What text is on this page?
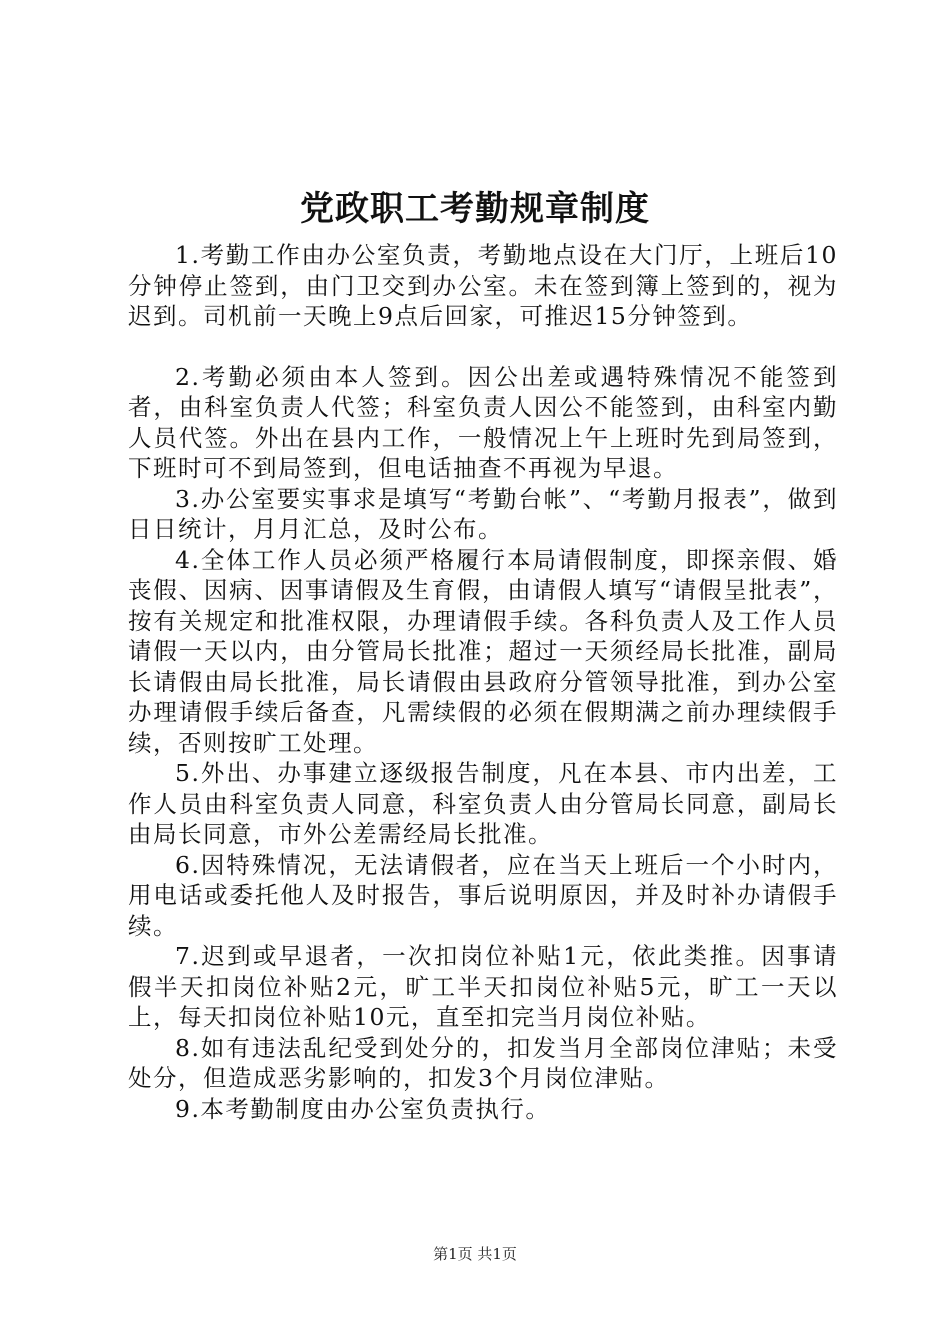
党政职工考勤规章制度

1.考勤工作由办公室负责，考勤地点设在大门厅，上班后10分钟停止签到，由门卫交到办公室。未在签到簿上签到的，视为迟到。司机前一天晚上9点后回家，可推迟15分钟签到。

2.考勤必须由本人签到。因公出差或遇特殊情况不能签到者，由科室负责人代签；科室负责人因公不能签到，由科室内勤人员代签。外出在县内工作，一般情况上午上班时先到局签到，下班时可不到局签到，但电话抽查不再视为早退。

3.办公室要实事求是填写“考勤台帐”、“考勤月报表”，做到日日统计，月月汇总，及时公布。

4.全体工作人员必须严格履行本局请假制度，即探亲假、婚丧假、因病、因事请假及生育假，由请假人填写“请假呈批表”，按有关规定和批准权限，办理请假手续。各科负责人及工作人员请假一天以内，由分管局长批准；超过一天须经局长批准，副局长请假由局长批准，局长请假由县政府分管领导批准，到办公室办理请假手续后备查，凡需续假的必须在假期满之前办理续假手续，否则按旷工处理。

5.外出、办事建立逐级报告制度，凡在本县、市内出差，工作人员由科室负责人同意，科室负责人由分管局长同意，副局长由局长同意，市外公差需经局长批准。

6.因特殊情况，无法请假者，应在当天上班后一个小时内，用电话或委托他人及时报告，事后说明原因，并及时补办请假手续。

7.迟到或早退者，一次扣岗位补贴1元，依此类推。因事请假半天扣岗位补贴2元，旷工半天扣岗位补贴5元，旷工一天以上，每天扣岗位补贴10元，直至扣完当月岗位补贴。

8.如有违法乱纪受到处分的，扣发当月全部岗位津贴；未受处分，但造成恶劣影响的，扣发3个月岗位津贴。

9.本考勤制度由办公室负责执行。

第1页 共1页
